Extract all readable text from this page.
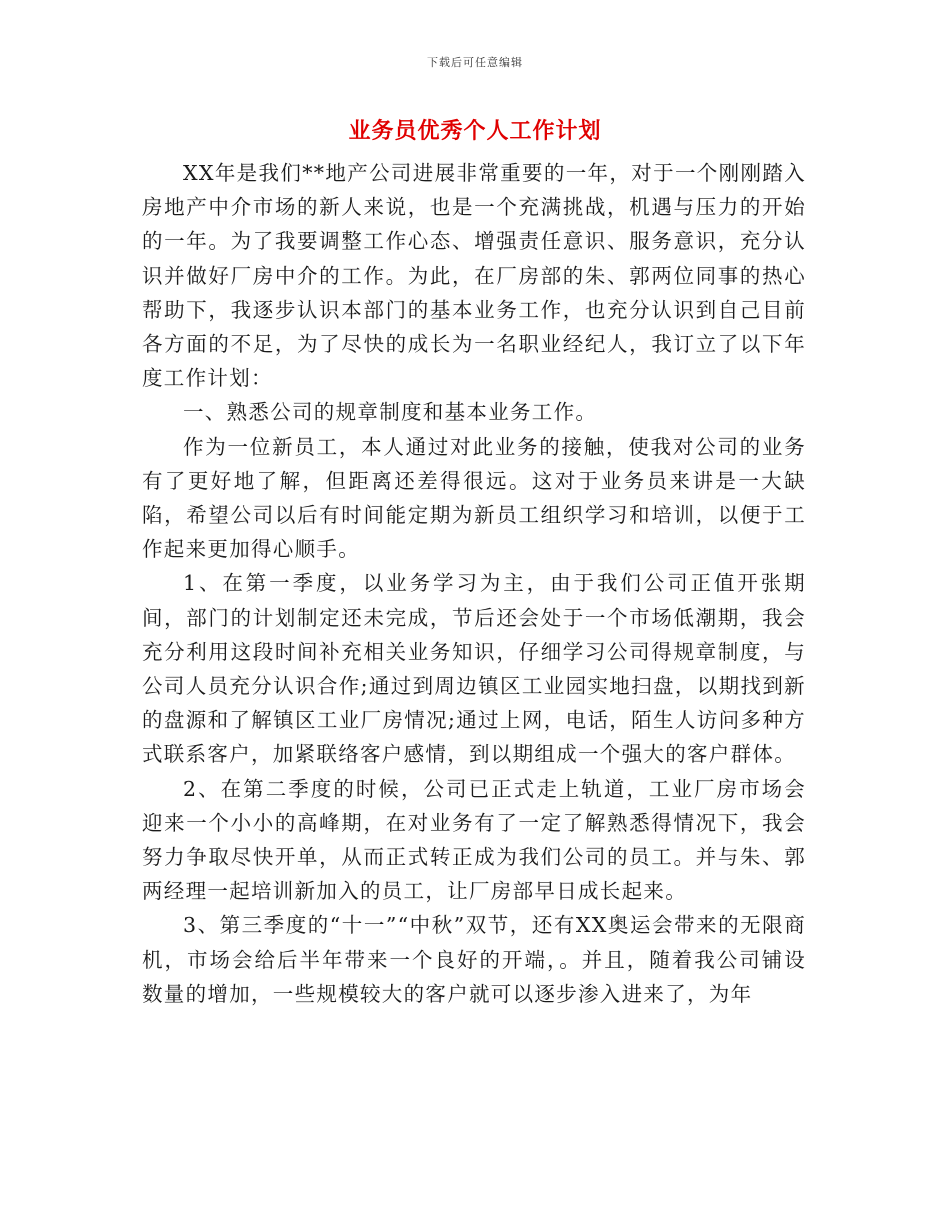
下载后可任意编辑
业务员优秀个人工作计划

XX年是我们**地产公司进展非常重要的一年，对于一个刚刚踏入房地产中介市场的新人来说，也是一个充满挑战，机遇与压力的开始的一年。为了我要调整工作心态、增强责任意识、服务意识，充分认识并做好厂房中介的工作。为此，在厂房部的朱、郭两位同事的热心帮助下，我逐步认识本部门的基本业务工作，也充分认识到自己目前各方面的不足，为了尽快的成长为一名职业经纪人，我订立了以下年度工作计划：

一、熟悉公司的规章制度和基本业务工作。

作为一位新员工，本人通过对此业务的接触，使我对公司的业务有了更好地了解，但距离还差得很远。这对于业务员来讲是一大缺陷，希望公司以后有时间能定期为新员工组织学习和培训，以便于工作起来更加得心顺手。

1、在第一季度，以业务学习为主，由于我们公司正值开张期间，部门的计划制定还未完成，节后还会处于一个市场低潮期，我会充分利用这段时间补充相关业务知识，仔细学习公司得规章制度，与公司人员充分认识合作;通过到周边镇区工业园实地扫盘，以期找到新的盘源和了解镇区工业厂房情况;通过上网，电话，陌生人访问多种方式联系客户，加紧联络客户感情，到以期组成一个强大的客户群体。

2、在第二季度的时候，公司已正式走上轨道，工业厂房市场会迎来一个小小的高峰期，在对业务有了一定了解熟悉得情况下，我会努力争取尽快开单，从而正式转正成为我们公司的员工。并与朱、郭两经理一起培训新加入的员工，让厂房部早日成长起来。

3、第三季度的“十一”“中秋”双节，还有XX奥运会带来的无限商机，市场会给后半年带来一个良好的开端，。并且，随着我公司铺设数量的增加，一些规模较大的客户就可以逐步渗入进来了，为年
